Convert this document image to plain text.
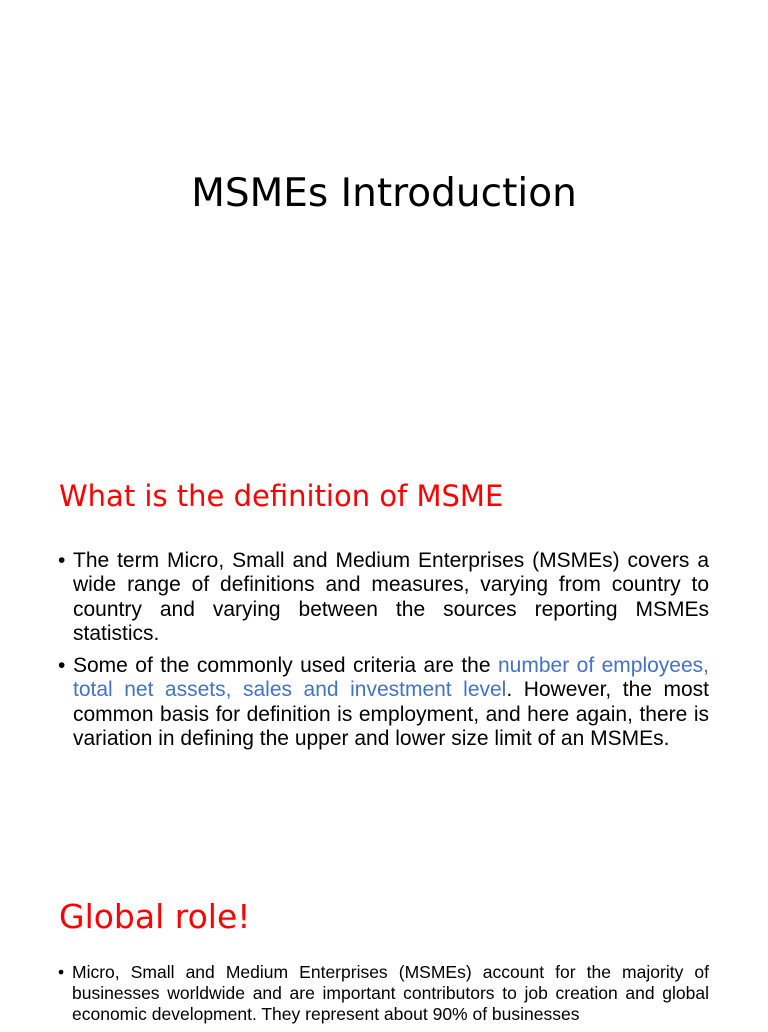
MSMEs Introduction
What is the definition of MSME
• The term Micro, Small and Medium Enterprises (MSMEs) covers a wide range of definitions and measures, varying from country to country and varying between the sources reporting MSMEs statistics.
• Some of the commonly used criteria are the number of employees, total net assets, sales and investment level. However, the most common basis for definition is employment, and here again, there is variation in defining the upper and lower size limit of an MSMEs.
Global role!
• Micro, Small and Medium Enterprises (MSMEs) account for the majority of businesses worldwide and are important contributors to job creation and global economic development. They represent about 90% of businesses
